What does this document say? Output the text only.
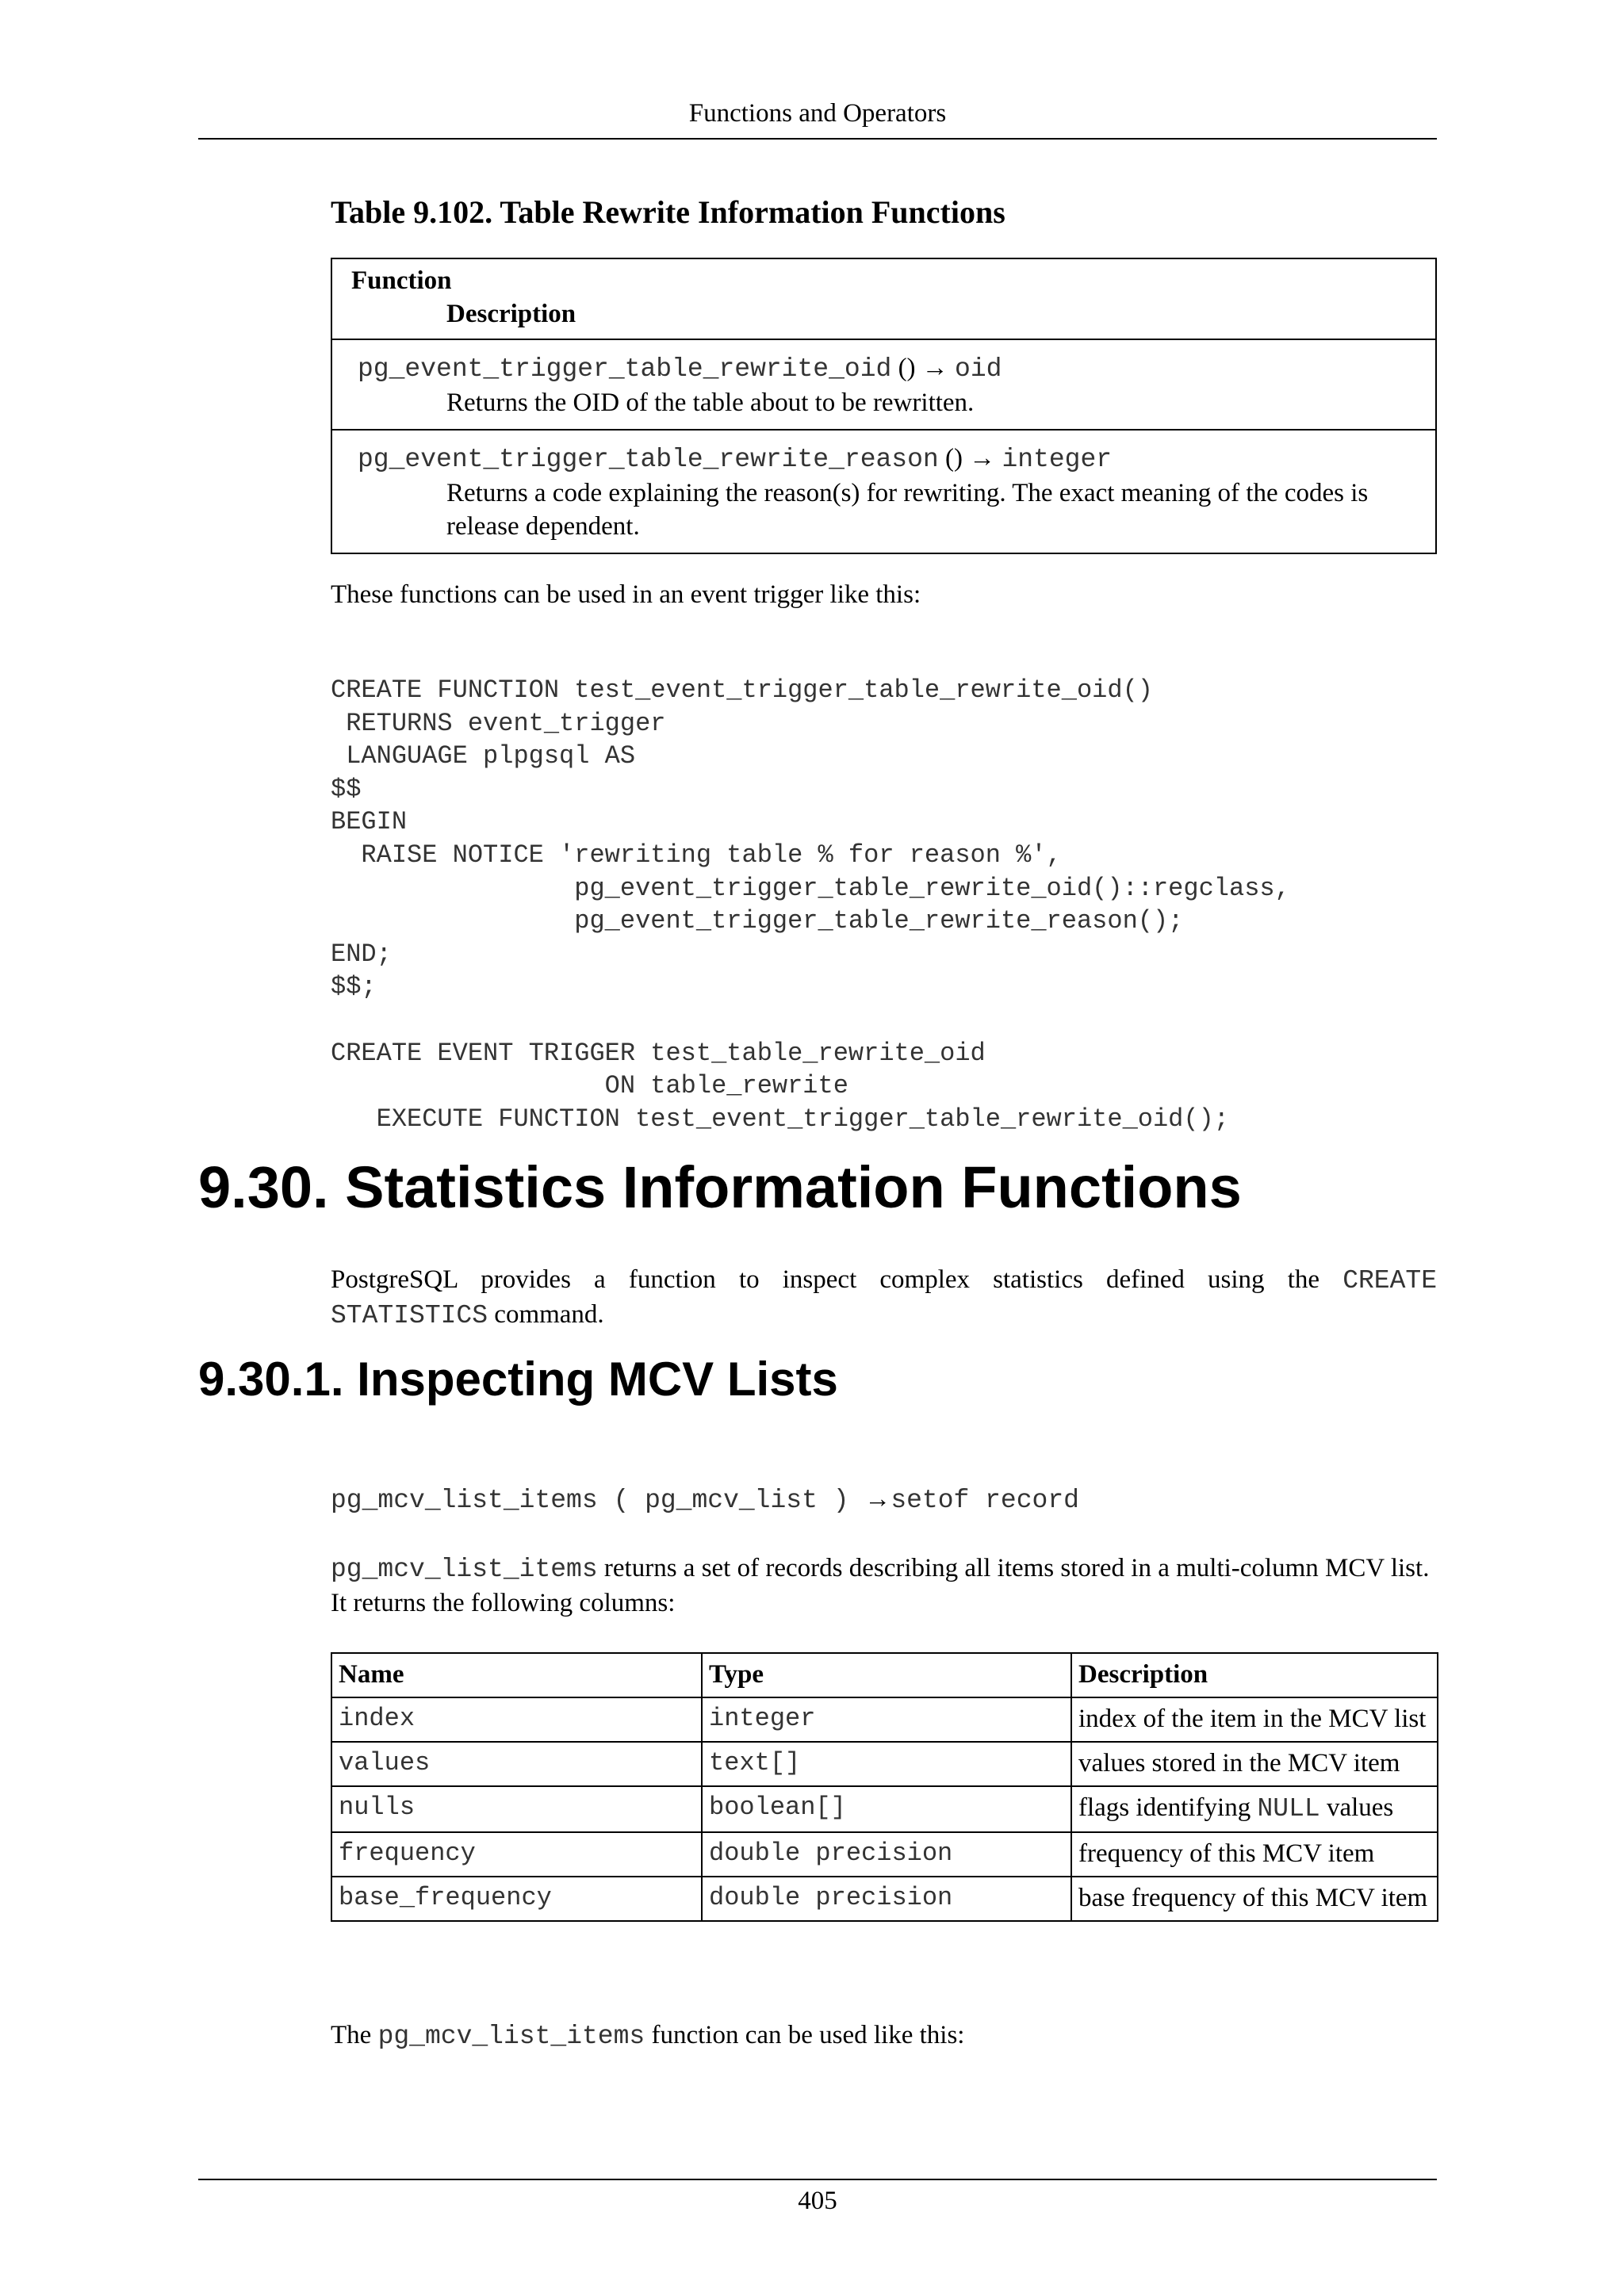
Functions and Operators
Table 9.102. Table Rewrite Information Functions
Function
Description
pg_event_trigger_table_rewrite_oid () → oid
Returns the OID of the table about to be rewritten.
pg_event_trigger_table_rewrite_reason () → integer
Returns a code explaining the reason(s) for rewriting. The exact meaning of the codes is release dependent.
These functions can be used in an event trigger like this:
CREATE FUNCTION test_event_trigger_table_rewrite_oid()
RETURNS event_trigger
LANGUAGE plpgsql AS
$$
BEGIN
RAISE NOTICE 'rewriting table % for reason %',
pg_event_trigger_table_rewrite_oid()::regclass,
pg_event_trigger_table_rewrite_reason();
END;
$$;

CREATE EVENT TRIGGER test_table_rewrite_oid
ON table_rewrite
EXECUTE FUNCTION test_event_trigger_table_rewrite_oid();
9.30. Statistics Information Functions
PostgreSQL provides a function to inspect complex statistics defined using the CREATE
STATISTICS command.
9.30.1. Inspecting MCV Lists
pg_mcv_list_items ( pg_mcv_list ) →setof record
pg_mcv_list_items returns a set of records describing all items stored in a multi-column MCV list. It returns the following columns:
Name	Type	Description
index	integer	index of the item in the MCV list
values	text[]	values stored in the MCV item
nulls	boolean[]	flags identifying NULL values
frequency	double precision	frequency of this MCV item
base_frequency	double precision	base frequency of this MCV item
The pg_mcv_list_items function can be used like this:
405
